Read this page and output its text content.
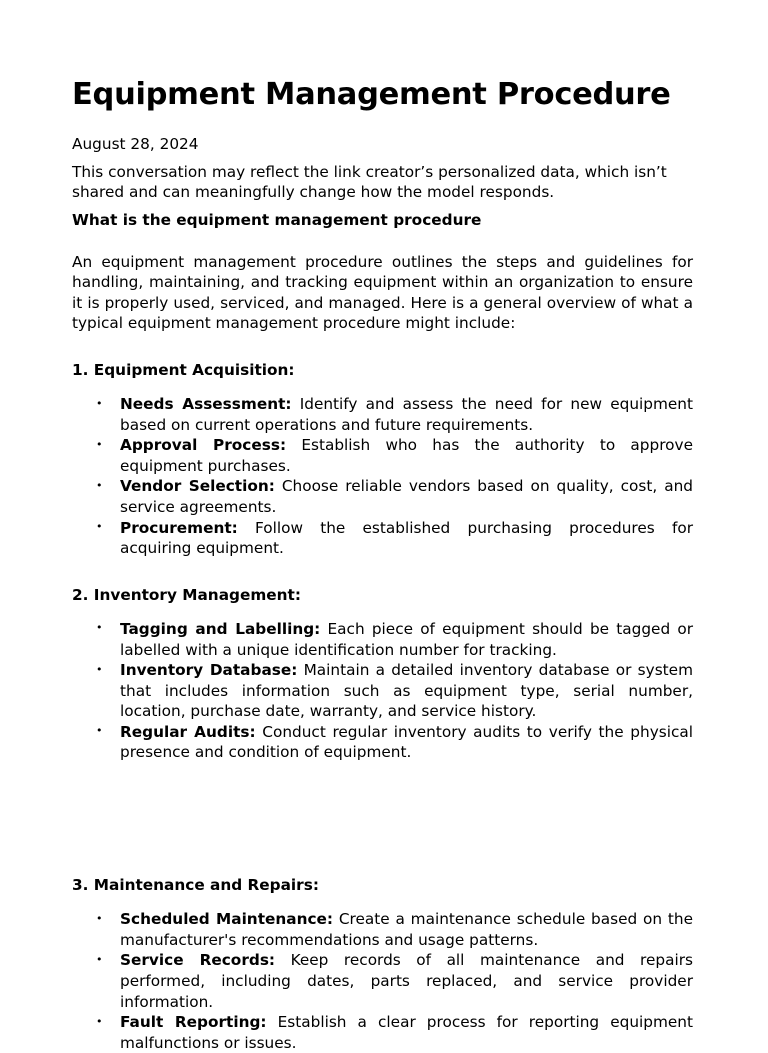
Equipment Management Procedure

August 28, 2024

This conversation may reflect the link creator’s personalized data, which isn’t shared and can meaningfully change how the model responds.

What is the equipment management procedure

An equipment management procedure outlines the steps and guidelines for handling, maintaining, and tracking equipment within an organization to ensure it is properly used, serviced, and managed. Here is a general overview of what a typical equipment management procedure might include:

1. Equipment Acquisition:

• Needs Assessment: Identify and assess the need for new equipment based on current operations and future requirements.
• Approval Process: Establish who has the authority to approve equipment purchases.
• Vendor Selection: Choose reliable vendors based on quality, cost, and service agreements.
• Procurement: Follow the established purchasing procedures for acquiring equipment.

2. Inventory Management:

• Tagging and Labelling: Each piece of equipment should be tagged or labelled with a unique identification number for tracking.
• Inventory Database: Maintain a detailed inventory database or system that includes information such as equipment type, serial number, location, purchase date, warranty, and service history.
• Regular Audits: Conduct regular inventory audits to verify the physical presence and condition of equipment.

3. Maintenance and Repairs:

• Scheduled Maintenance: Create a maintenance schedule based on the manufacturer's recommendations and usage patterns.
• Service Records: Keep records of all maintenance and repairs performed, including dates, parts replaced, and service provider information.
• Fault Reporting: Establish a clear process for reporting equipment malfunctions or issues.
